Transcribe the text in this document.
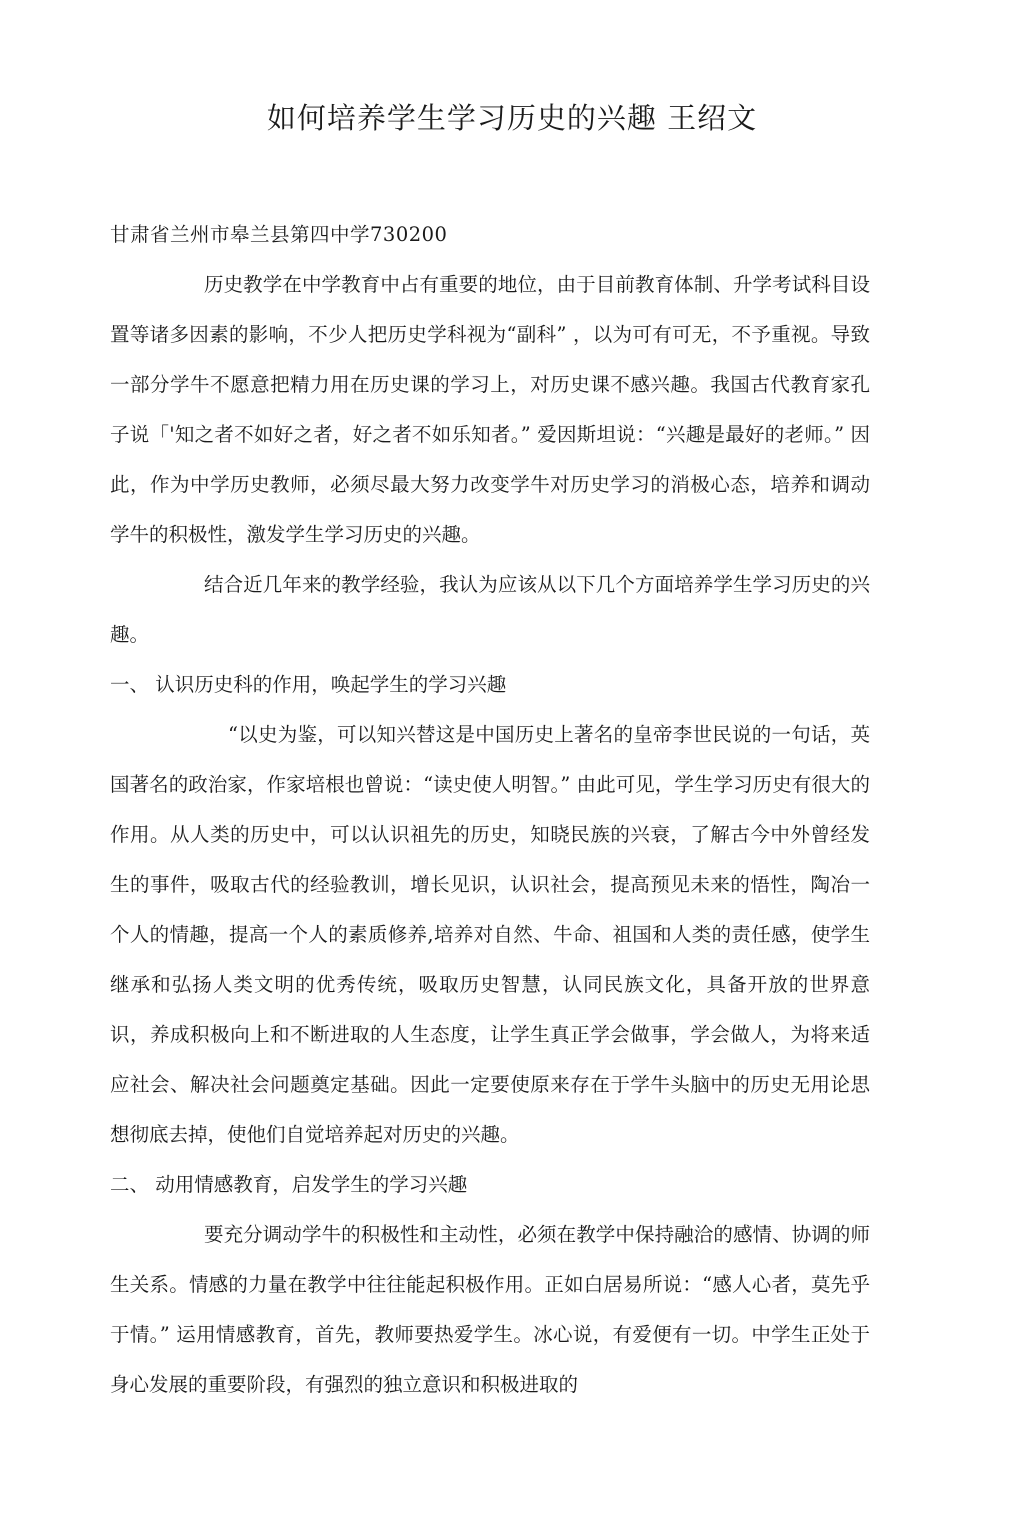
如何培养学生学习历史的兴趣 王绍文

甘肃省兰州市皋兰县第四中学730200

历史教学在中学教育中占有重要的地位，由于目前教育体制、升学考试科目设置等诸多因素的影响，不少人把历史学科视为“副科” ，以为可有可无，不予重视。导致一部分学牛不愿意把精力用在历史课的学习上，对历史课不感兴趣。我国古代教育家孔子说「'知之者不如好之者，好之者不如乐知者。” 爱因斯坦说：“兴趣是最好的老师。” 因此，作为中学历史教师，必须尽最大努力改变学牛对历史学习的消极心态，培养和调动学牛的积极性，激发学生学习历史的兴趣。

结合近几年来的教学经验，我认为应该从以下几个方面培养学生学习历史的兴趣。

一、 认识历史科的作用，唤起学生的学习兴趣

“以史为鉴，可以知兴替这是中国历史上著名的皇帝李世民说的一句话，英国著名的政治家，作家培根也曾说：“读史使人明智。” 由此可见，学生学习历史有很大的作用。从人类的历史中，可以认识祖先的历史，知晓民族的兴衰，了解古今中外曾经发生的事件，吸取古代的经验教训，增长见识，认识社会，提高预见未来的悟性，陶冶一个人的情趣，提高一个人的素质修养,培养对自然、牛命、祖国和人类的责任感，使学生继承和弘扬人类文明的优秀传统，吸取历史智慧，认同民族文化，具备开放的世界意识，养成积极向上和不断进取的人生态度，让学生真正学会做事，学会做人，为将来适应社会、解决社会问题奠定基础。因此一定要使原来存在于学牛头脑中的历史无用论思想彻底去掉，使他们自觉培养起对历史的兴趣。

二、 动用情感教育，启发学生的学习兴趣

要充分调动学牛的积极性和主动性，必须在教学中保持融洽的感情、协调的师生关系。情感的力量在教学中往往能起积极作用。正如白居易所说：“感人心者，莫先乎于情。” 运用情感教育，首先，教师要热爱学生。冰心说，有爱便有一切。中学生正处于身心发展的重要阶段，有强烈的独立意识和积极进取的
